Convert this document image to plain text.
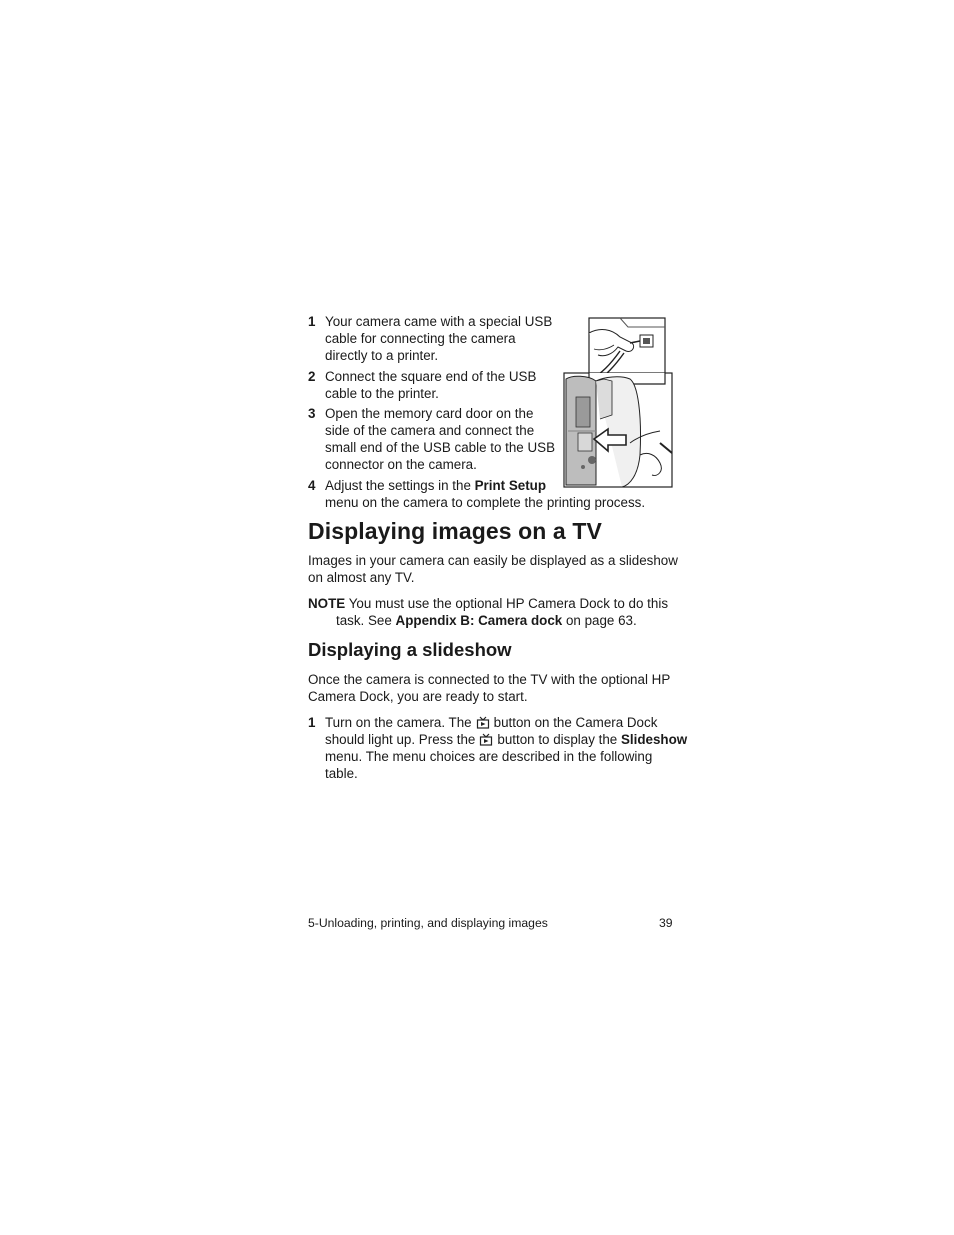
1 Your camera came with a special USB
cable for connecting the camera
directly to a printer.
2 Connect the square end of the USB
cable to the printer.
3 Open the memory card door on the
side of the camera and connect the
small end of the USB cable to the USB
connector on the camera.
4 Adjust the settings in the Print Setup
menu on the camera to complete the printing process.
Displaying images on a TV
Images in your camera can easily be displayed as a slideshow
on almost any TV.
NOTE You must use the optional HP Camera Dock to do this
task. See Appendix B: Camera dock on page 63.
Displaying a slideshow
Once the camera is connected to the TV with the optional HP
Camera Dock, you are ready to start.
1 Turn on the camera. The button on the Camera Dock
should light up. Press the button to display the Slideshow
menu. The menu choices are described in the following
table.
5-Unloading, printing, and displaying images	39
